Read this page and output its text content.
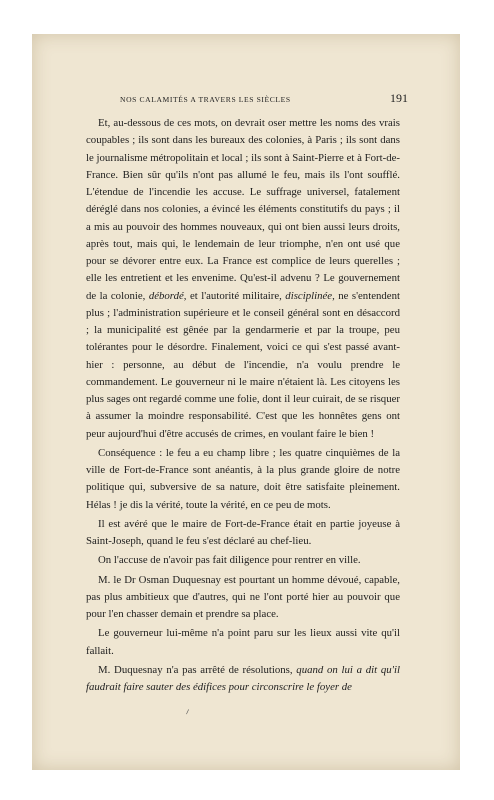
NOS CALAMITÉS A TRAVERS LES SIÈCLES	191

Et, au-dessous de ces mots, on devrait oser mettre les noms des vrais coupables ; ils sont dans les bureaux des colonies, à Paris ; ils sont dans le journalisme métropolitain et local ; ils sont à Saint-Pierre et à Fort-de-France. Bien sûr qu'ils n'ont pas allumé le feu, mais ils l'ont soufflé. L'étendue de l'incendie les accuse. Le suffrage universel, fatalement déréglé dans nos colonies, a évincé les éléments constitutifs du pays ; il a mis au pouvoir des hommes nouveaux, qui ont bien aussi leurs droits, après tout, mais qui, le lendemain de leur triomphe, n'en ont usé que pour se dévorer entre eux. La France est complice de leurs querelles ; elle les entretient et les envenime. Qu'est-il advenu ? Le gouvernement de la colonie, débordé, et l'autorité militaire, disciplinée, ne s'entendent plus ; l'administration supérieure et le conseil général sont en désaccord ; la municipalité est gênée par la gendarmerie et par la troupe, peu tolérantes pour le désordre. Finalement, voici ce qui s'est passé avant-hier : personne, au début de l'incendie, n'a voulu prendre le commandement. Le gouverneur ni le maire n'étaient là. Les citoyens les plus sages ont regardé comme une folie, dont il leur cuirait, de se risquer à assumer la moindre responsabilité. C'est que les honnêtes gens ont peur aujourd'hui d'être accusés de crimes, en voulant faire le bien !

Conséquence : le feu a eu champ libre ; les quatre cinquièmes de la ville de Fort-de-France sont anéantis, à la plus grande gloire de notre politique qui, subversive de sa nature, doit être satisfaite pleinement. Hélas ! je dis la vérité, toute la vérité, en ce peu de mots.

Il est avéré que le maire de Fort-de-France était en partie joyeuse à Saint-Joseph, quand le feu s'est déclaré au chef-lieu.

On l'accuse de n'avoir pas fait diligence pour rentrer en ville.

M. le Dr Osman Duquesnay est pourtant un homme dévoué, capable, pas plus ambitieux que d'autres, qui ne l'ont porté hier au pouvoir que pour l'en chasser demain et prendre sa place.

Le gouverneur lui-même n'a point paru sur les lieux aussi vite qu'il fallait.

M. Duquesnay n'a pas arrêté de résolutions, quand on lui a dit qu'il faudrait faire sauter des édifices pour circonscrire le foyer de

⸝
